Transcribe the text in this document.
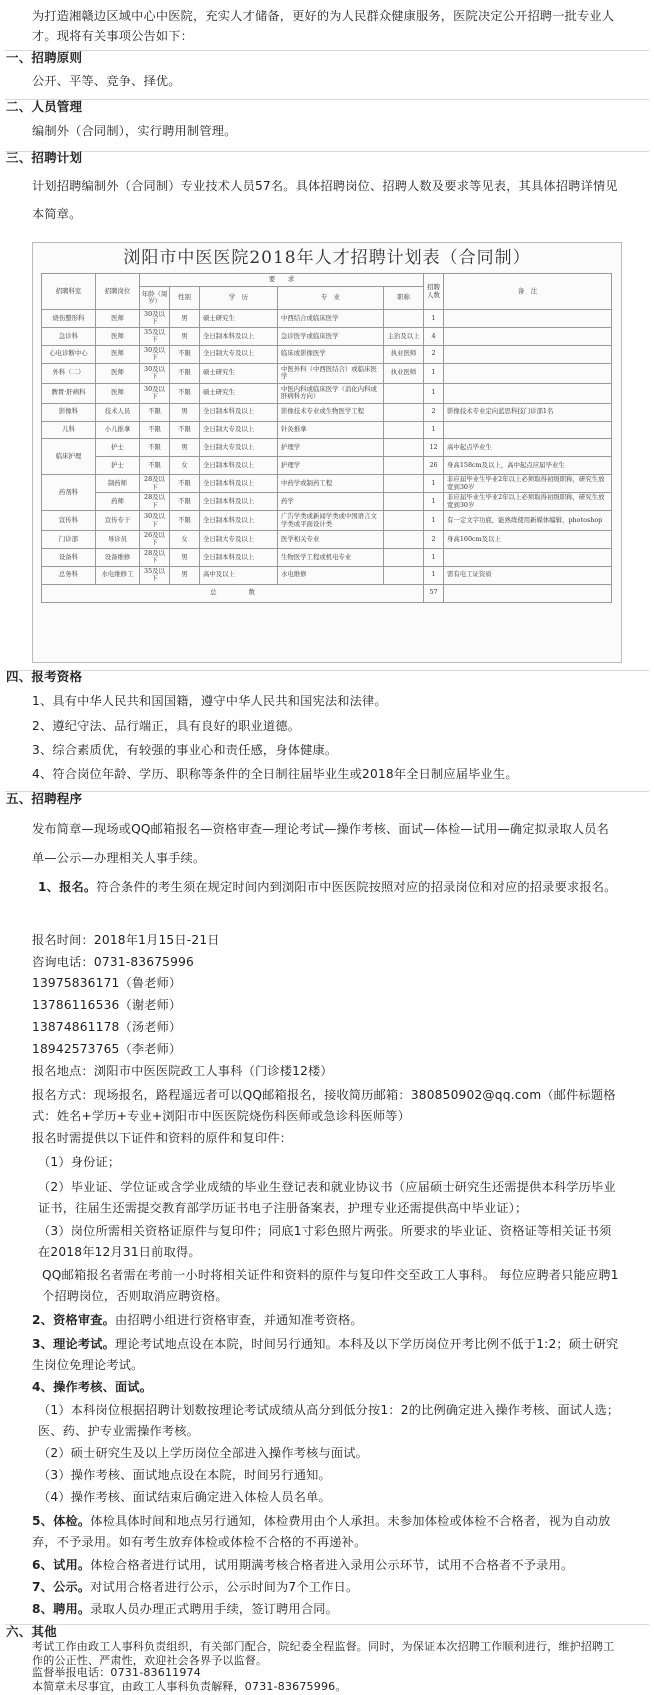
为打造湘赣边区域中心中医院，充实人才储备，更好的为人民群众健康服务，医院决定公开招聘一批专业人才。现将有关事项公告如下：

一、招聘原则

公开、平等、竞争、择优。

二、人员管理

编制外（合同制），实行聘用制管理。

三、招聘计划

计划招聘编制外（合同制）专业技术人员57名。具体招聘岗位、招聘人数及要求等见表，其具体招聘详情见本简章。

浏阳市中医医院2018年人才招聘计划表（合同制）
招聘科室	招聘岗位	要　　求					招聘人数	备　注
		年龄（周岁）	性别	学　历	专　业	职称		
烧伤整形科	医师	30及以下	男	硕士研究生	中西结合或临床医学		1	
急诊科	医师	35及以下	男	全日制本科及以上	急诊医学或临床医学	主治及以上	4	
心电诊断中心	医师	30及以下	不限	全日制大专及以上	临床或影像医学	执业医师	2	
外科（二）	医师	30及以下	不限	硕士研究生	中医外科（中西医结合）或临床医学	执业医师	1	
脾胃·肝病科	医师	30及以下	不限	硕士研究生	中医内科或临床医学（消化内科或肝病科方向）		1	
影像科	技术人员	不限	男	全日制本科及以上	影像技术专业或生物医学工程		2	影像技术专业定向蓝思科技门诊部1名
儿科	小儿推拿	不限	不限	全日制大专及以上	针灸推拿		1	
临床护理	护士	不限	男	全日制大专及以上	护理学		12	高中起点毕业生
	护士	不限	女	全日制本科及以上	护理学		26	身高158cm及以上，高中起点应届毕业生
药剂科	制药师	28及以下	不限	全日制本科及以上	中药学或制药工程		1	非应届毕业生毕业2年以上必须取得初级职称，研究生放宽到30岁
	药师	28及以下	不限	全日制本科及以上	药学		1	非应届毕业生毕业2年以上必须取得初级职称，研究生放宽到30岁
宣传科	宣传专干	30及以下	不限	全日制本科及以上	广告学类或新闻学类或中国语言文学类或平面设计类		1	有一定文字功底，能熟练使用新媒体编辑，photoshop
门诊部	导诊员	26及以下	女	全日制大专及以上	医学相关专业		2	身高160cm及以上
设备科	设备维修	28及以下	男	全日制本科及以上	生物医学工程或机电专业		1	
总务科	水电维修工	35及以下	男	高中及以上	水电维修		1	需有电工证资质
总　　　　　数							57	

四、报考资格

1、具有中华人民共和国国籍，遵守中华人民共和国宪法和法律。

2、遵纪守法、品行端正，具有良好的职业道德。

3、综合素质优，有较强的事业心和责任感，身体健康。

4、符合岗位年龄、学历、职称等条件的全日制往届毕业生或2018年全日制应届毕业生。

五、招聘程序

发布简章—现场或QQ邮箱报名—资格审查—理论考试—操作考核、面试—体检—试用—确定拟录取人员名单—公示—办理相关人事手续。

1、报名。符合条件的考生须在规定时间内到浏阳市中医医院按照对应的招录岗位和对应的招录要求报名。

报名时间：2018年1月15日-21日

咨询电话：0731-83675996

13975836171（鲁老师）

13786116536（谢老师）

13874861178（汤老师）

18942573765（李老师）

报名地点：浏阳市中医医院政工人事科（门诊楼12楼）

报名方式：现场报名，路程遥远者可以QQ邮箱报名，接收简历邮箱：380850902@qq.com（邮件标题格式：姓名+学历+专业+浏阳市中医医院烧伤科医师或急诊科医师等）

报名时需提供以下证件和资料的原件和复印件：

（1）身份证；

（2）毕业证、学位证或含学业成绩的毕业生登记表和就业协议书（应届硕士研究生还需提供本科学历毕业证书，往届生还需提交教育部学历证书电子注册备案表，护理专业还需提供高中毕业证）；

（3）岗位所需相关资格证原件与复印件；同底1寸彩色照片两张。所要求的毕业证、资格证等相关证书须在2018年12月31日前取得。

QQ邮箱报名者需在考前一小时将相关证件和资料的原件与复印件交至政工人事科。 每位应聘者只能应聘1个招聘岗位，否则取消应聘资格。

2、资格审查。由招聘小组进行资格审查，并通知准考资格。

3、理论考试。理论考试地点设在本院，时间另行通知。本科及以下学历岗位开考比例不低于1:2；硕士研究生岗位免理论考试。

4、操作考核、面试。

（1）本科岗位根据招聘计划数按理论考试成绩从高分到低分按1：2的比例确定进入操作考核、面试人选；医、药、护专业需操作考核。

（2）硕士研究生及以上学历岗位全部进入操作考核与面试。

（3）操作考核、面试地点设在本院，时间另行通知。

（4）操作考核、面试结束后确定进入体检人员名单。

5、体检。体检具体时间和地点另行通知，体检费用由个人承担。未参加体检或体检不合格者，视为自动放弃，不予录用。如有考生放弃体检或体检不合格的不再递补。

6、试用。体检合格者进行试用，试用期满考核合格者进入录用公示环节，试用不合格者不予录用。

7、公示。对试用合格者进行公示，公示时间为7个工作日。

8、聘用。录取人员办理正式聘用手续，签订聘用合同。

六、其他

考试工作由政工人事科负责组织，有关部门配合，院纪委全程监督。同时，为保证本次招聘工作顺利进行，维护招聘工作的公正性、严肃性，欢迎社会各界予以监督。

监督举报电话：0731-83611974

本简章未尽事宜，由政工人事科负责解释，0731-83675996。
